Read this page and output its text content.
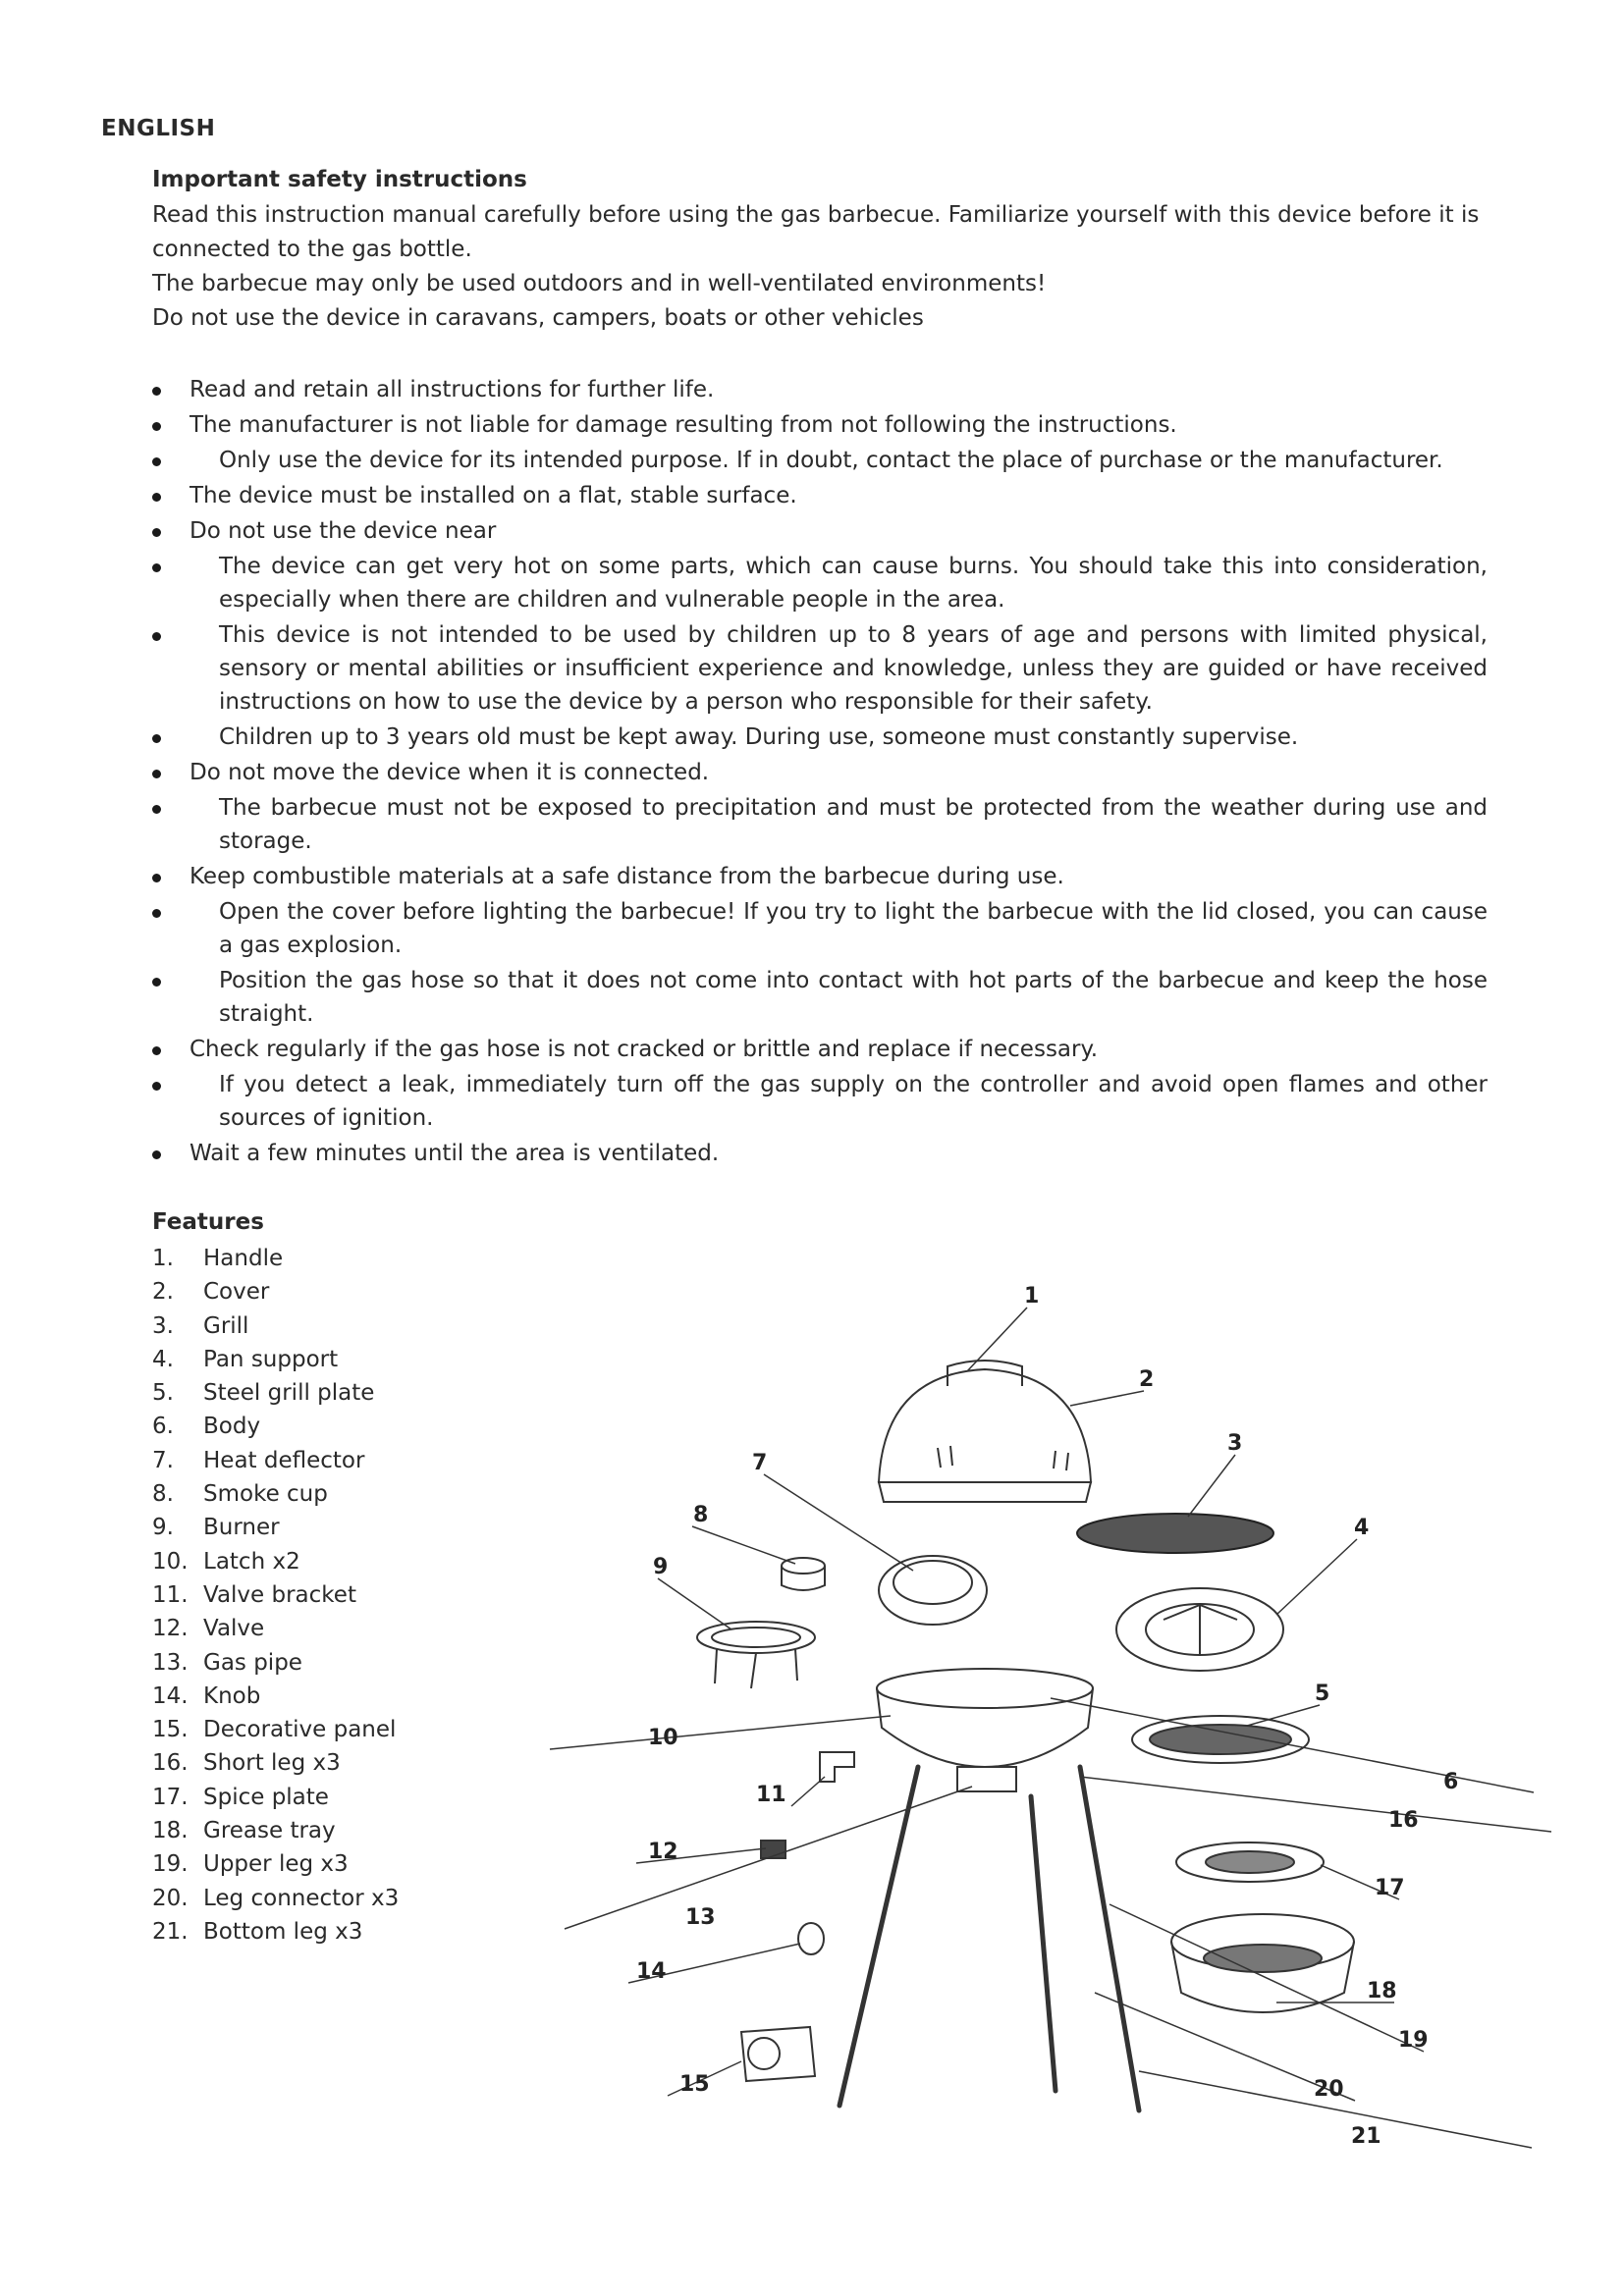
ENGLISH
Important safety instructions

Read this instruction manual carefully before using the gas barbecue. Familiarize yourself with this device before it is connected to the gas bottle.

The barbecue may only be used outdoors and in well-ventilated environments!

Do not use the device in caravans, campers, boats or other vehicles

Read and retain all instructions for further life.
The manufacturer is not liable for damage resulting from not following the instructions.
Only use the device for its intended purpose. If in doubt, contact the place of purchase or the manufacturer.
The device must be installed on a flat, stable surface.
Do not use the device near
The device can get very hot on some parts, which can cause burns. You should take this into consideration, especially when there are children and vulnerable people in the area.
This device is not intended to be used by children up to 8 years of age and persons with limited physical, sensory or mental abilities or insufficient experience and knowledge, unless they are guided or have received instructions on how to use the device by a person who responsible for their safety.
Children up to 3 years old must be kept away. During use, someone must constantly supervise.
Do not move the device when it is connected.
The barbecue must not be exposed to precipitation and must be protected from the weather during use and storage.
Keep combustible materials at a safe distance from the barbecue during use.
Open the cover before lighting the barbecue! If you try to light the barbecue with the lid closed, you can cause a gas explosion.
Position the gas hose so that it does not come into contact with hot parts of the barbecue and keep the hose straight.
Check regularly if the gas hose is not cracked or brittle and replace if necessary.
If you detect a leak, immediately turn off the gas supply on the controller and avoid open flames and other sources of ignition.
Wait a few minutes until the area is ventilated.
Features
1. Handle
2. Cover
3. Grill
4. Pan support
5. Steel grill plate
6. Body
7. Heat deflector
8. Smoke cup
9. Burner
10. Latch x2
11. Valve bracket
12. Valve
13. Gas pipe
14. Knob
15. Decorative panel
16. Short leg x3
17. Spice plate
18. Grease tray
19. Upper leg x3
20. Leg connector x3
21. Bottom leg x3
1
2
3
4
5
6
7
8
9
10
11
12
13
14
15
16
17
18
19
20
21
